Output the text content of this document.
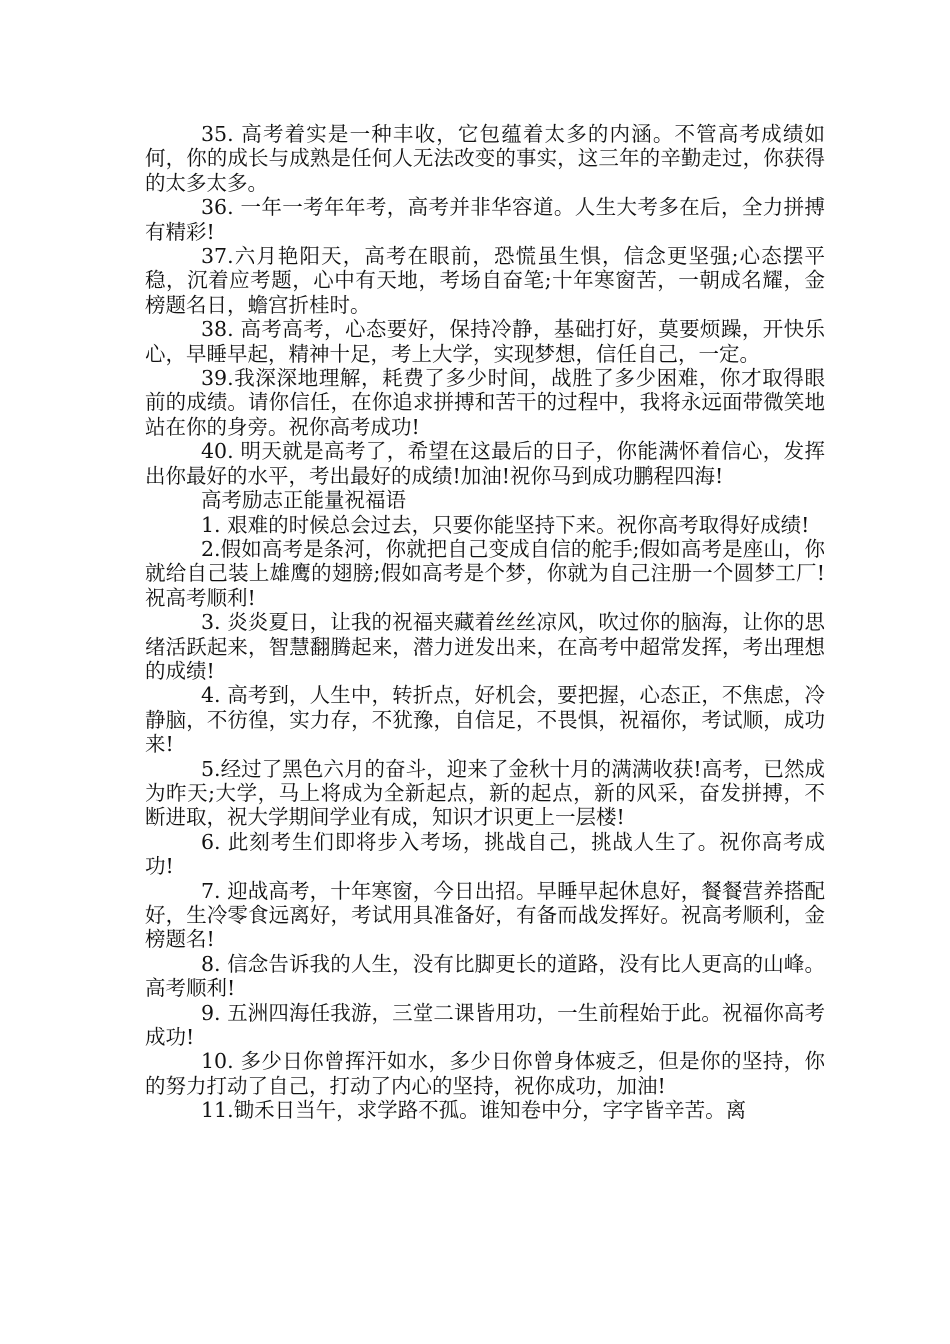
35. 高考着实是一种丰收，它包蕴着太多的内涵。不管高考成绩如何，你的成长与成熟是任何人无法改变的事实，这三年的辛勤走过，你获得的太多太多。

36. 一年一考年年考，高考并非华容道。人生大考多在后，全力拼搏有精彩!

37.六月艳阳天，高考在眼前，恐慌虽生惧，信念更坚强;心态摆平稳，沉着应考题，心中有天地，考场自奋笔;十年寒窗苦，一朝成名耀，金榜题名日，蟾宫折桂时。

38. 高考高考，心态要好，保持冷静，基础打好，莫要烦躁，开快乐心，早睡早起，精神十足，考上大学，实现梦想，信任自己，一定。

39.我深深地理解，耗费了多少时间，战胜了多少困难，你才取得眼前的成绩。请你信任，在你追求拼搏和苦干的过程中，我将永远面带微笑地站在你的身旁。祝你高考成功!

40. 明天就是高考了，希望在这最后的日子，你能满怀着信心，发挥出你最好的水平，考出最好的成绩!加油!祝你马到成功鹏程四海!

高考励志正能量祝福语

1. 艰难的时候总会过去，只要你能坚持下来。祝你高考取得好成绩!

2.假如高考是条河，你就把自己变成自信的舵手;假如高考是座山，你就给自己装上雄鹰的翅膀;假如高考是个梦，你就为自己注册一个圆梦工厂!祝高考顺利!

3. 炎炎夏日，让我的祝福夹藏着丝丝凉风，吹过你的脑海，让你的思绪活跃起来，智慧翻腾起来，潜力迸发出来，在高考中超常发挥，考出理想的成绩!

4. 高考到，人生中，转折点，好机会，要把握，心态正，不焦虑，冷静脑，不彷徨，实力存，不犹豫，自信足，不畏惧，祝福你，考试顺，成功来!

5.经过了黑色六月的奋斗，迎来了金秋十月的满满收获!高考，已然成为昨天;大学，马上将成为全新起点，新的起点，新的风采，奋发拼搏，不断进取，祝大学期间学业有成，知识才识更上一层楼!

6. 此刻考生们即将步入考场，挑战自己，挑战人生了。祝你高考成功!

7. 迎战高考，十年寒窗，今日出招。早睡早起休息好，餐餐营养搭配好，生冷零食远离好，考试用具准备好，有备而战发挥好。祝高考顺利，金榜题名!

8. 信念告诉我的人生，没有比脚更长的道路，没有比人更高的山峰。高考顺利!

9. 五洲四海任我游，三堂二课皆用功，一生前程始于此。祝福你高考成功!

10. 多少日你曾挥汗如水，多少日你曾身体疲乏，但是你的坚持，你的努力打动了自己，打动了内心的坚持，祝你成功，加油!

11.锄禾日当午，求学路不孤。谁知卷中分，字字皆辛苦。离
